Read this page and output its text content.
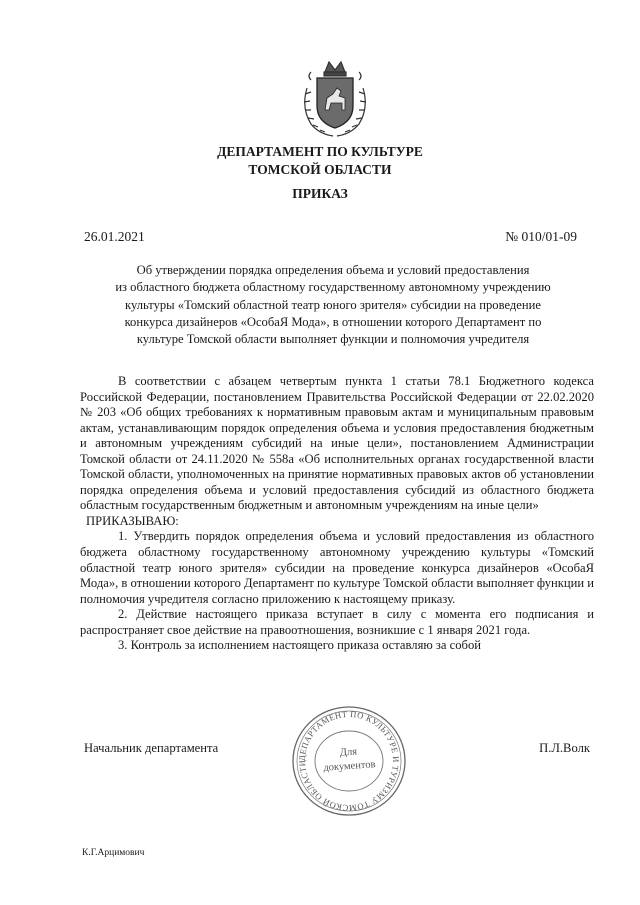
ДЕПАРТАМЕНТ ПО КУЛЬТУРЕ
ТОМСКОЙ ОБЛАСТИ
ПРИКАЗ
26.01.2021	№ 010/01-09
Об утверждении порядка определения объема и условий предоставления
из областного бюджета областному государственному автономному учреждению
культуры «Томский областной театр юного зрителя» субсидии на проведение
конкурса дизайнеров «ОсобаЯ Мода», в отношении которого Департамент по
культуре Томской области выполняет функции и полномочия учредителя

В соответствии с абзацем четвертым пункта 1 статьи 78.1 Бюджетного кодекса Российской Федерации, постановлением Правительства Российской Федерации от 22.02.2020 № 203 «Об общих требованиях к нормативным правовым актам и муниципальным правовым актам, устанавливающим порядок определения объема и условия предоставления бюджетным и автономным учреждениям субсидий на иные цели», постановлением Администрации Томской области от 24.11.2020 № 558а «Об исполнительных органах государственной власти Томской области, уполномоченных на принятие нормативных правовых актов об установлении порядка определения объема и условий предоставления субсидий из областного бюджета областным государственным бюджетным и автономным учреждениям на иные цели»

ПРИКАЗЫВАЮ:

1. Утвердить порядок определения объема и условий предоставления из областного бюджета областному государственному автономному учреждению культуры «Томский областной театр юного зрителя» субсидии на проведение конкурса дизайнеров «ОсобаЯ Мода», в отношении которого Департамент по культуре Томской области выполняет функции и полномочия учредителя согласно приложению к настоящему приказу.

2. Действие настоящего приказа вступает в силу с момента его подписания и распространяет свое действие на правоотношения, возникшие с 1 января 2021 года.

3. Контроль за исполнением настоящего приказа оставляю за собой

Начальник департамента	П.Л.Волк
ДЕПАРТАМЕНТ ПО КУЛЬТУРЕ И ТУРИЗМУ ТОМСКОЙ ОБЛАСТИ
Для
документов
К.Г.Арцимович
